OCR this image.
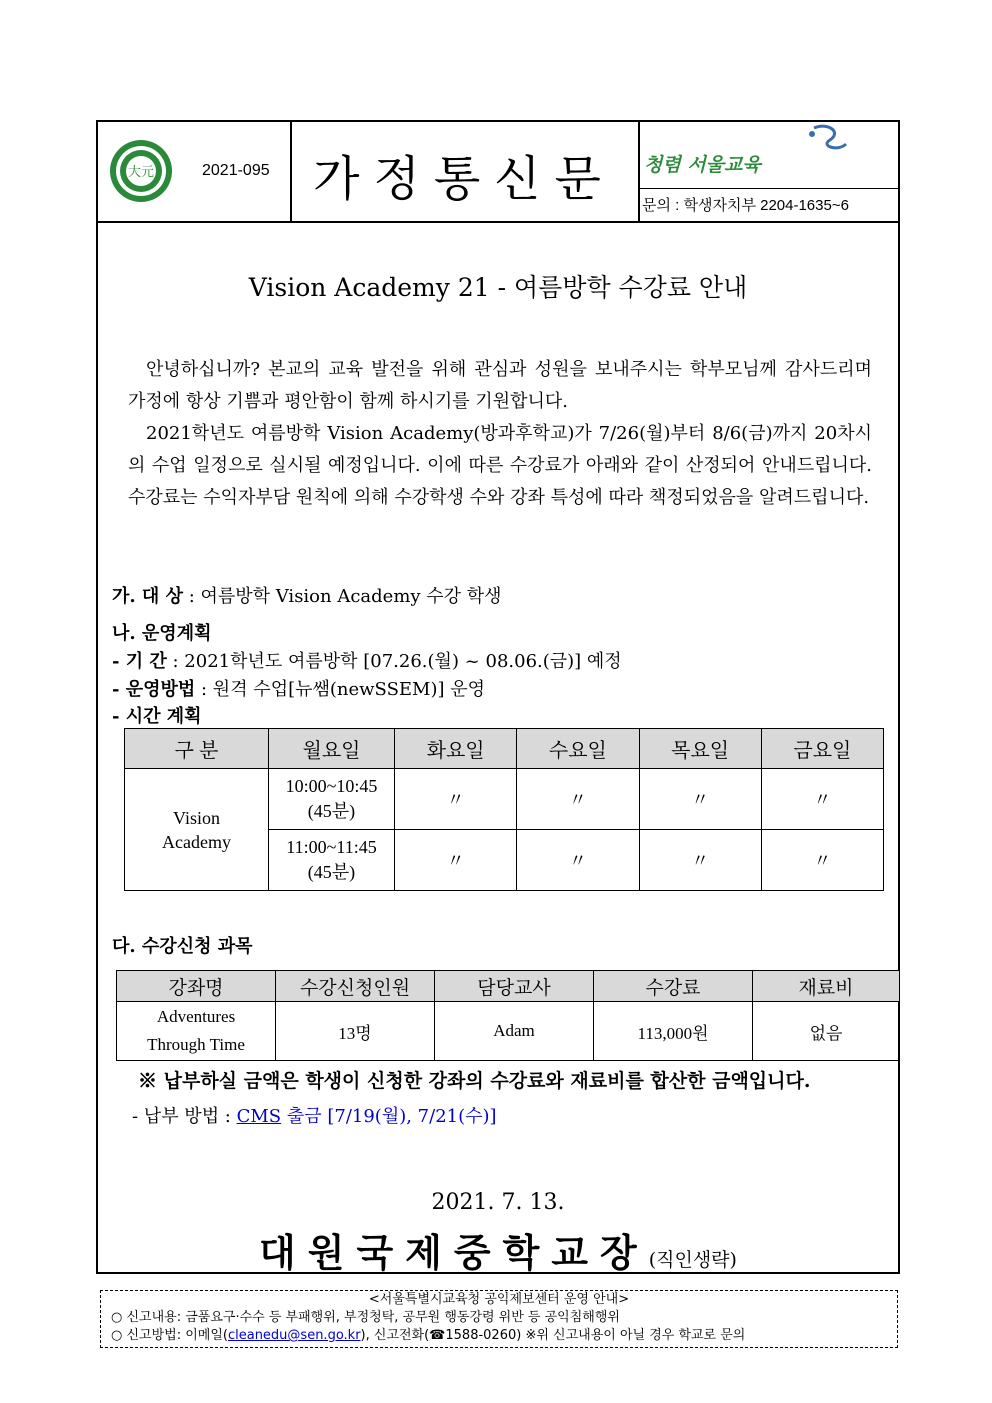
大元	2021-095 가정통신문	청렴 서울교육
문의 : 학생자치부 2204-1635~6
Vision Academy 21 - 여름방학 수강료 안내
안녕하십니까? 본교의 교육 발전을 위해 관심과 성원을 보내주시는 학부모님께 감사드리며 가정에 항상 기쁨과 평안함이 함께 하시기를 기원합니다.
2021학년도 여름방학 Vision Academy(방과후학교)가 7/26(월)부터 8/6(금)까지 20차시의 수업 일정으로 실시될 예정입니다. 이에 따른 수강료가 아래와 같이 산정되어 안내드립니다. 수강료는 수익자부담 원칙에 의해 수강학생 수와 강좌 특성에 따라 책정되었음을 알려드립니다.
가. 대 상 : 여름방학 Vision Academy 수강 학생
나. 운영계획
- 기 간 : 2021학년도 여름방학 [07.26.(월) ~ 08.06.(금)] 예정
- 운영방법 : 원격 수업[뉴쌤(newSSEM)] 운영
- 시간 계획
구 분	월요일	화요일	수요일	목요일	금요일
Vision Academy	10:00~10:45
(45분)	〃	〃	〃	〃
	11:00~11:45
(45분)	〃	〃	〃	〃
다. 수강신청 과목
강좌명	수강신청인원	담당교사	수강료	재료비
Adventures
Through Time	13명	Adam	113,000원	없음
※ 납부하실 금액은 학생이 신청한 강좌의 수강료와 재료비를 합산한 금액입니다.
- 납부 방법 : CMS 출금 [7/19(월), 7/21(수)]
2021. 7. 13.
대원국제중학교장(직인생략)
<서울특별시교육청 공익제보센터 운영 안내>
○ 신고내용: 금품요구·수수 등 부패행위, 부정청탁, 공무원 행동강령 위반 등 공익침해행위
○ 신고방법: 이메일(cleanedu@sen.go.kr), 신고전화(☎1588-0260) ※위 신고내용이 아닐 경우 학교로 문의
